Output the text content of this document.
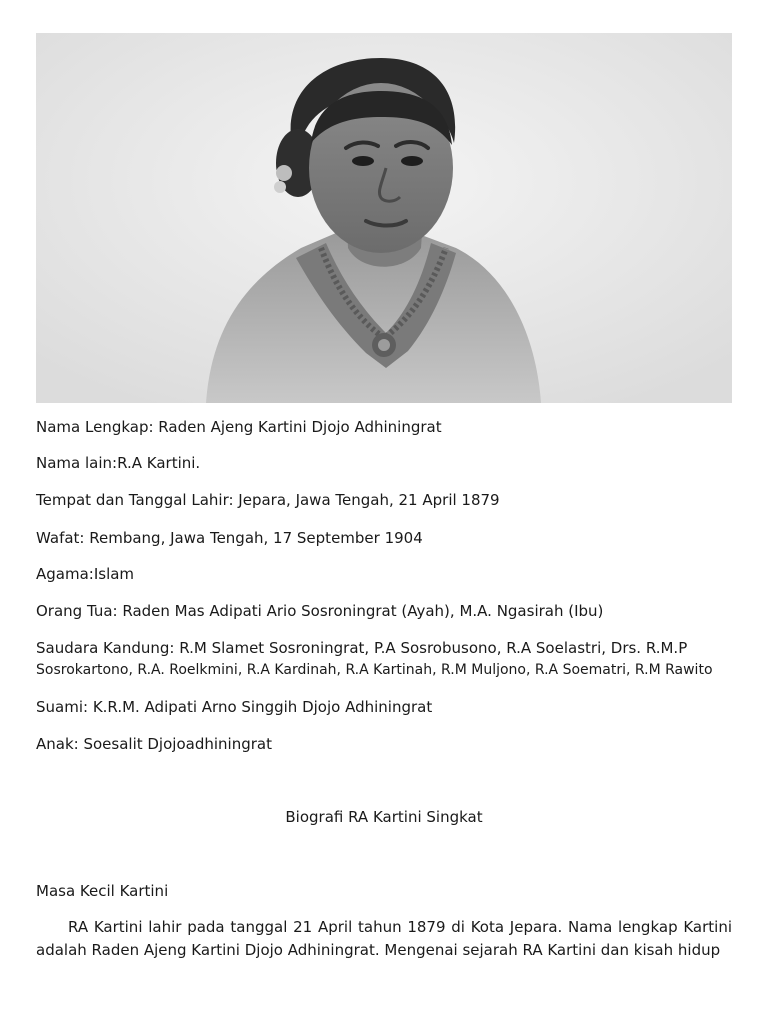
Nama Lengkap: Raden Ajeng Kartini Djojo Adhiningrat
Nama lain:R.A Kartini.
Tempat dan Tanggal Lahir: Jepara, Jawa Tengah, 21 April 1879
Wafat: Rembang, Jawa Tengah, 17 September 1904
Agama:Islam
Orang Tua: Raden Mas Adipati Ario Sosroningrat (Ayah), M.A. Ngasirah (Ibu)
Saudara Kandung: R.M Slamet Sosroningrat, P.A Sosrobusono, R.A Soelastri, Drs. R.M.P
Sosrokartono, R.A. Roelkmini, R.A Kardinah, R.A Kartinah, R.M Muljono, R.A Soematri, R.M Rawito
Suami: K.R.M. Adipati Arno Singgih Djojo Adhiningrat
Anak: Soesalit Djojoadhiningrat
Biografi RA Kartini Singkat
Masa Kecil Kartini
RA Kartini lahir pada tanggal 21 April tahun 1879 di Kota Jepara. Nama lengkap Kartini adalah Raden Ajeng Kartini Djojo Adhiningrat. Mengenai sejarah RA Kartini dan kisah hidup
